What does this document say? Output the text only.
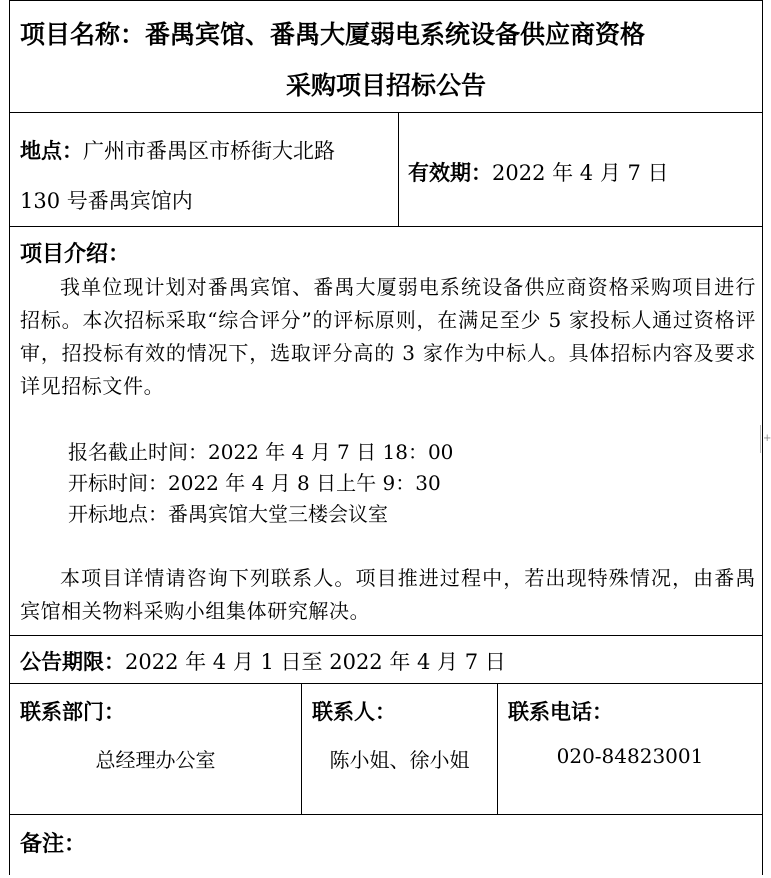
项目名称：番禺宾馆、番禺大厦弱电系统设备供应商资格
采购项目招标公告
地点：广州市番禺区市桥街大北路
130 号番禺宾馆内
有效期：2022 年 4 月 7 日
项目介绍：
我单位现计划对番禺宾馆、番禺大厦弱电系统设备供应商资格采购项目进行招标。本次招标采取“综合评分”的评标原则，在满足至少 5 家投标人通过资格评审，招投标有效的情况下，选取评分高的 3 家作为中标人。具体招标内容及要求详见招标文件。
报名截止时间：2022 年 4 月 7 日 18：00
开标时间：2022 年 4 月 8 日上午 9：30
开标地点：番禺宾馆大堂三楼会议室
本项目详情请咨询下列联系人。项目推进过程中，若出现特殊情况，由番禺宾馆相关物料采购小组集体研究解决。
公告期限：2022 年 4 月 1 日至 2022 年 4 月 7 日
联系部门：
总经理办公室
联系人：
陈小姐、徐小姐
联系电话：
020-84823001
备注：
+
